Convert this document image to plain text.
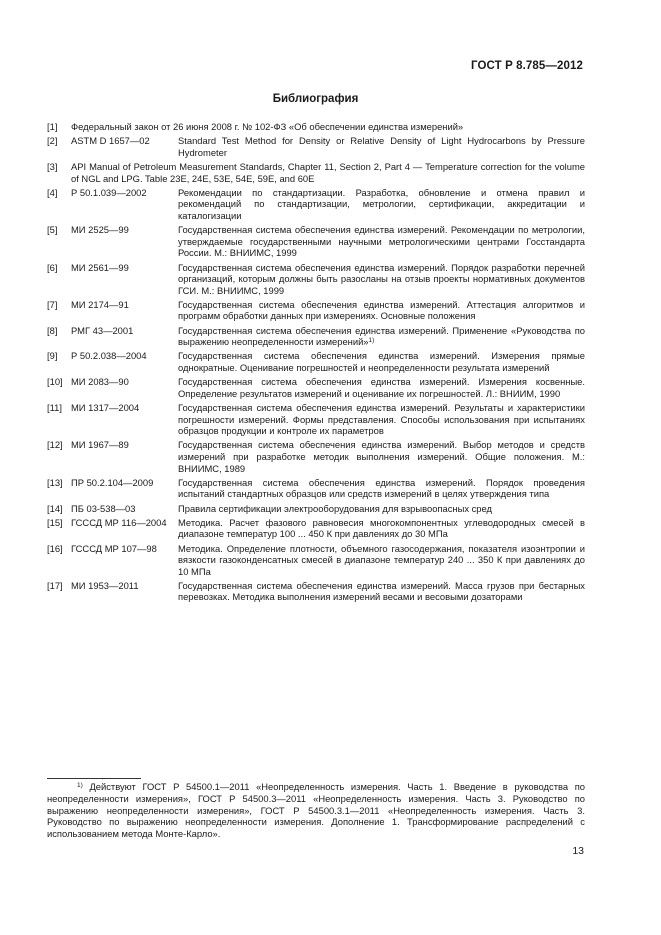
ГОСТ Р 8.785—2012
Библиография
[1]	Федеральный закон от 26 июня 2008 г. № 102-ФЗ «Об обеспечении единства измерений»
[2]	ASTM D 1657—02	Standard Test Method for Density or Relative Density of Light Hydrocarbons by Pressure Hydrometer
[3]	API Manual of Petroleum Measurement Standards, Chapter 11, Section 2, Part 4 — Temperature correction for the volume of NGL and LPG. Table 23E, 24E, 53E, 54E, 59E, and 60E
[4]	Р 50.1.039—2002	Рекомендации по стандартизации. Разработка, обновление и отмена правил и рекомендаций по стандартизации, метрологии, сертификации, аккредитации и каталогизации
[5]	МИ 2525—99	Государственная система обеспечения единства измерений. Рекомендации по метрологии, утверждаемые государственными научными метрологическими центрами Госстандарта России. М.: ВНИИМС, 1999
[6]	МИ 2561—99	Государственная система обеспечения единства измерений. Порядок разработки перечней организаций, которым должны быть разосланы на отзыв проекты нормативных документов ГСИ. М.: ВНИИМС, 1999
[7]	МИ 2174—91	Государственная система обеспечения единства измерений. Аттестация алгоритмов и программ обработки данных при измерениях. Основные положения
[8]	РМГ 43—2001	Государственная система обеспечения единства измерений. Применение «Руководства по выражению неопределенности измерений»$^{1)}$
[9]	Р 50.2.038—2004	Государственная система обеспечения единства измерений. Измерения прямые однократные. Оценивание погрешностей и неопределенности результата измерений
[10] МИ 2083—90	Государственная система обеспечения единства измерений. Измерения косвенные. Определение результатов измерений и оценивание их погрешностей. Л.: ВНИИМ, 1990
[11] МИ 1317—2004	Государственная система обеспечения единства измерений. Результаты и характеристики погрешности измерений. Формы представления. Способы использования при испытаниях образцов продукции и контроле их параметров
[12] МИ 1967—89	Государственная система обеспечения единства измерений. Выбор методов и средств измерений при разработке методик выполнения измерений. Общие положения. М.: ВНИИМС, 1989
[13] ПР 50.2.104—2009	Государственная система обеспечения единства измерений. Порядок проведения испытаний стандартных образцов или средств измерений в целях утверждения типа
[14] ПБ 03-538—03	Правила сертификации электрооборудования для взрывоопасных сред
[15] ГСССД МР 116—2004	Методика. Расчет фазового равновесия многокомпонентных углеводородных смесей в диапазоне температур 100 ... 450 К при давлениях до 30 МПа
[16] ГСССД МР 107—98	Методика. Определение плотности, объемного газосодержания, показателя изоэнтропии и вязкости газоконденсатных смесей в диапазоне температур 240 ... 350 К при давлениях до 10 МПа
[17] МИ 1953—2011	Государственная система обеспечения единства измерений. Масса грузов при бестарных перевозках. Методика выполнения измерений весами и весовыми дозаторами
$^{1)}$ Действуют ГОСТ Р 54500.1—2011 «Неопределенность измерения. Часть 1. Введение в руководства по неопределенности измерения», ГОСТ Р 54500.3—2011 «Неопределенность измерения. Часть 3. Руководство по выражению неопределенности измерения», ГОСТ Р 54500.3.1—2011 «Неопределенность измерения. Часть 3. Руководство по выражению неопределенности измерения. Дополнение 1. Трансформирование распределений с использованием метода Монте-Карло».
13
